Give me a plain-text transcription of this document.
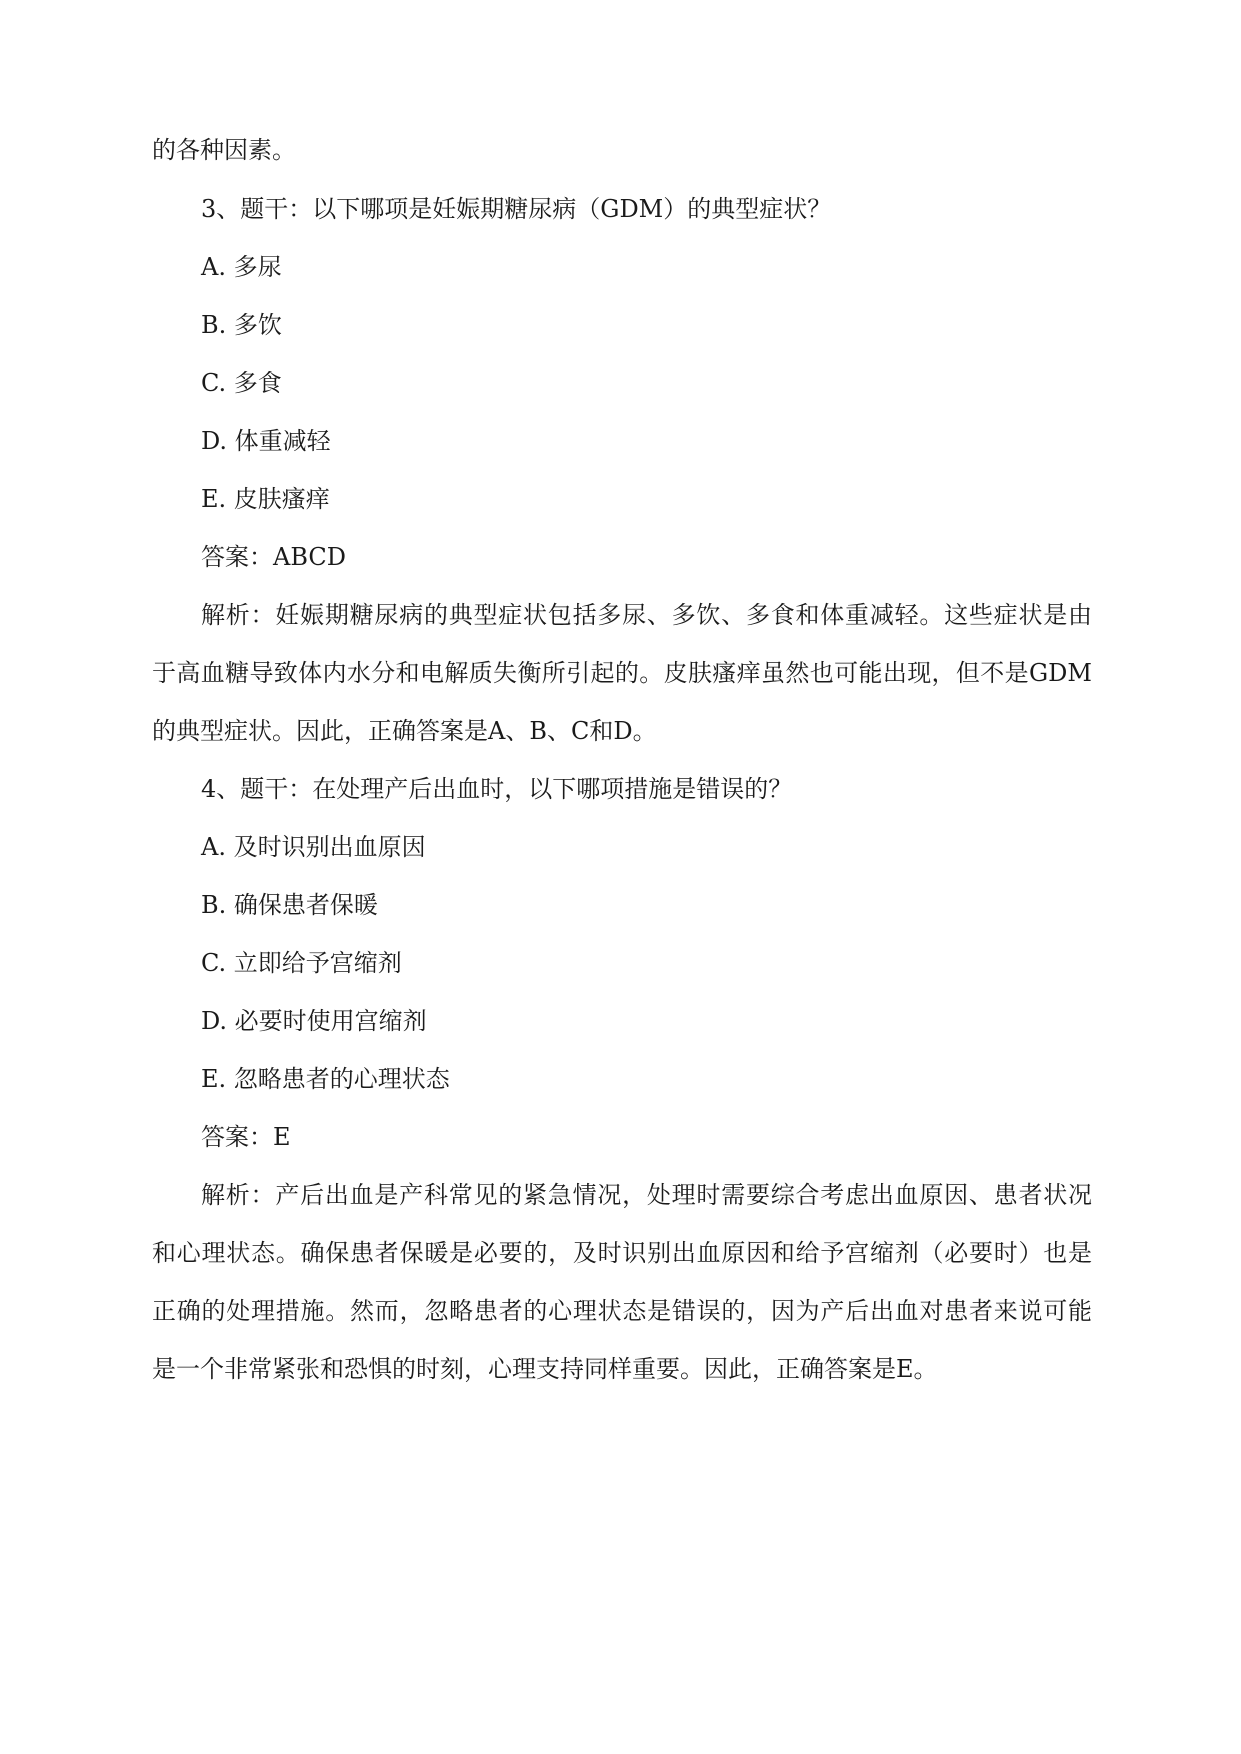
的各种因素。
3、题干：以下哪项是妊娠期糖尿病（GDM）的典型症状？
A. 多尿
B. 多饮
C. 多食
D. 体重减轻
E. 皮肤瘙痒
答案：ABCD
解析：妊娠期糖尿病的典型症状包括多尿、多饮、多食和体重减轻。这些症状是由
于高血糖导致体内水分和电解质失衡所引起的。皮肤瘙痒虽然也可能出现，但不是GDM
的典型症状。因此，正确答案是A、B、C和D。
4、题干：在处理产后出血时，以下哪项措施是错误的？
A. 及时识别出血原因
B. 确保患者保暖
C. 立即给予宫缩剂
D. 必要时使用宫缩剂
E. 忽略患者的心理状态
答案：E
解析：产后出血是产科常见的紧急情况，处理时需要综合考虑出血原因、患者状况
和心理状态。确保患者保暖是必要的，及时识别出血原因和给予宫缩剂（必要时）也是
正确的处理措施。然而，忽略患者的心理状态是错误的，因为产后出血对患者来说可能
是一个非常紧张和恐惧的时刻，心理支持同样重要。因此，正确答案是E。
